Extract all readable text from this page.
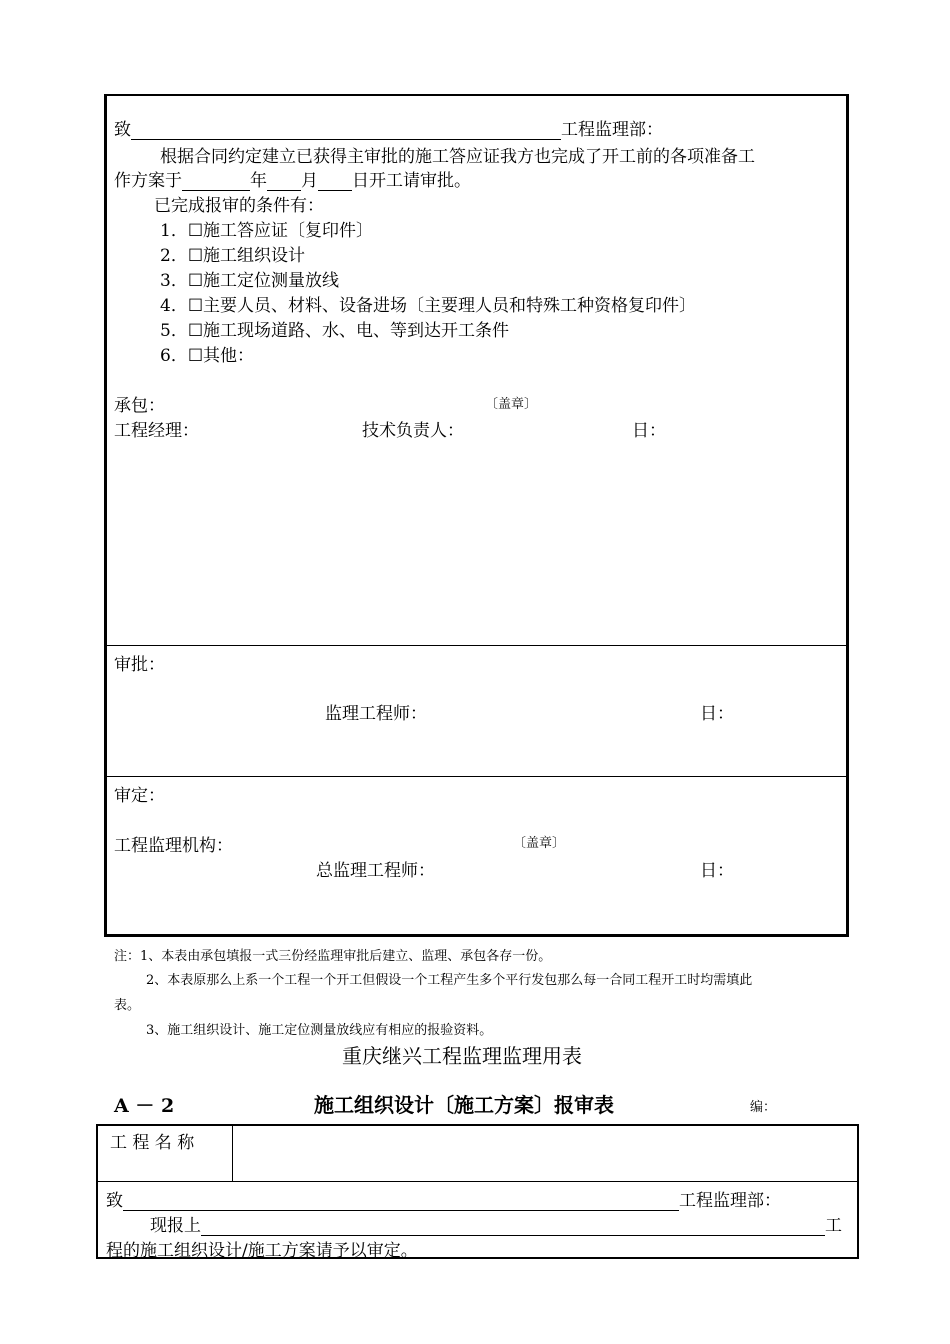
致	工程监理部：
根据合同约定建立已获得主审批的施工答应证我方也完成了开工前的各项准备工
作方案于	年 月 日开工请审批。
已完成报审的条件有：
1．☐施工答应证〔复印件〕
2．☐施工组织设计
3．☐施工定位测量放线
4．☐主要人员、材料、设备进场〔主要理人员和特殊工种资格复印件〕
5．☐施工现场道路、水、电、等到达开工条件
6．☐其他：
承包：	〔盖章〕
工程经理：	技术负责人：	日：
审批：
监理工程师：	日：
审定：
工程监理机构：	〔盖章〕
总监理工程师：	日：
注：1、本表由承包填报一式三份经监理审批后建立、监理、承包各存一份。
2、本表原那么上系一个工程一个开工但假设一个工程产生多个平行发包那么每一合同工程开工时均需填此
表。
3、施工组织设计、施工定位测量放线应有相应的报验资料。
重庆继兴工程监理监理用表
A － 2	施工组织设计〔施工方案〕报审表	编：
工 程 名 称
致	工程监理部：
现报上	工
程的施工组织设计/施工方案请予以审定。
